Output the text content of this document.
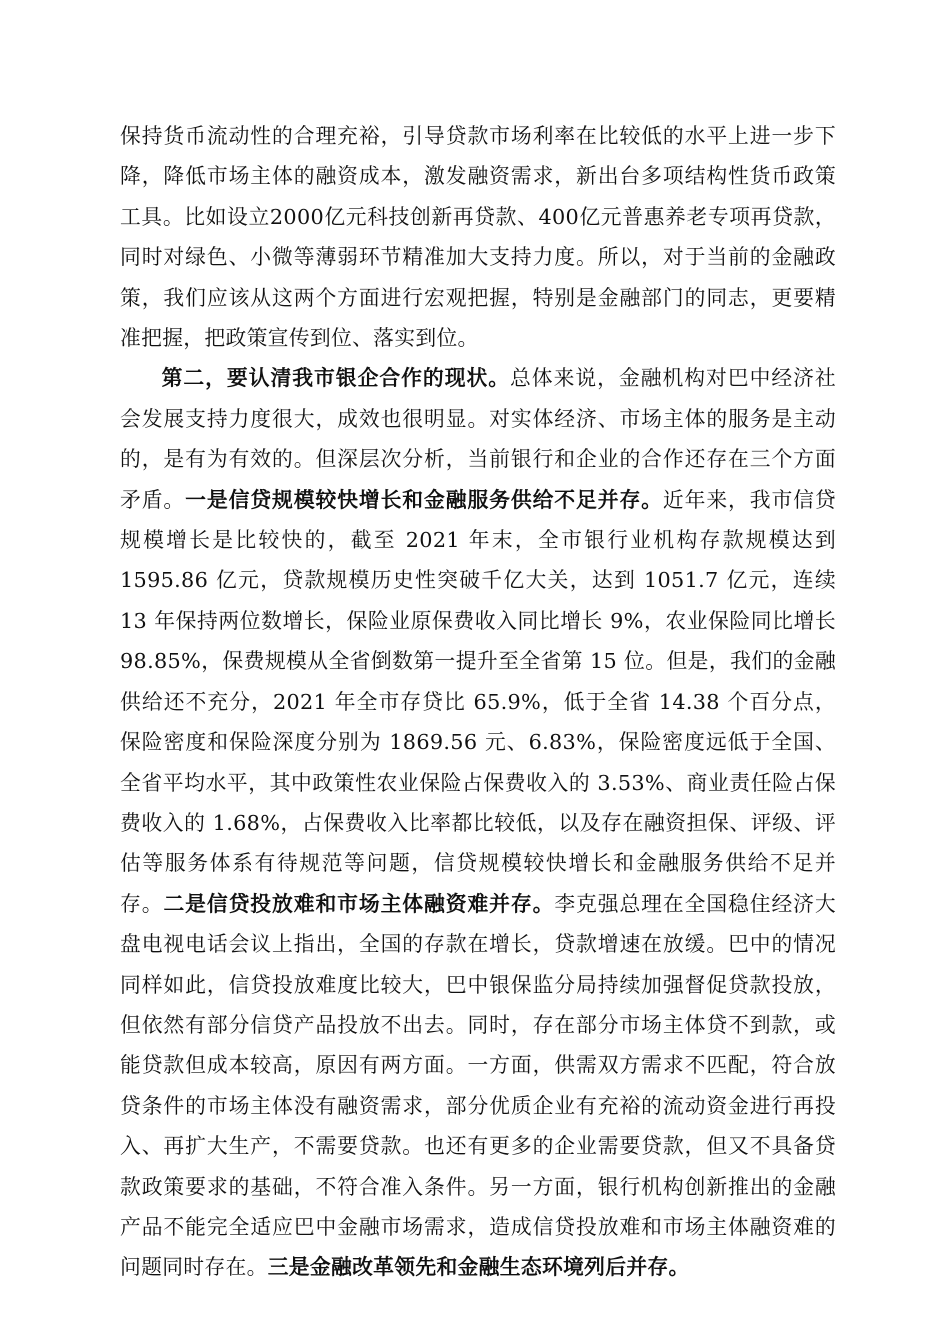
保持货币流动性的合理充裕，引导贷款市场利率在比较低的水平上进一步下降，降低市场主体的融资成本，激发融资需求，新出台多项结构性货币政策工具。比如设立2000亿元科技创新再贷款、400亿元普惠养老专项再贷款，同时对绿色、小微等薄弱环节精准加大支持力度。所以，对于当前的金融政策，我们应该从这两个方面进行宏观把握，特别是金融部门的同志，更要精准把握，把政策宣传到位、落实到位。

第二，要认清我市银企合作的现状。总体来说，金融机构对巴中经济社会发展支持力度很大，成效也很明显。对实体经济、市场主体的服务是主动的，是有为有效的。但深层次分析，当前银行和企业的合作还存在三个方面矛盾。一是信贷规模较快增长和金融服务供给不足并存。近年来，我市信贷规模增长是比较快的，截至 2021 年末，全市银行业机构存款规模达到 1595.86 亿元，贷款规模历史性突破千亿大关，达到 1051.7 亿元，连续 13 年保持两位数增长，保险业原保费收入同比增长 9%，农业保险同比增长 98.85%，保费规模从全省倒数第一提升至全省第 15 位。但是，我们的金融供给还不充分，2021 年全市存贷比 65.9%，低于全省 14.38 个百分点，保险密度和保险深度分别为 1869.56 元、6.83%，保险密度远低于全国、全省平均水平，其中政策性农业保险占保费收入的 3.53%、商业责任险占保费收入的 1.68%，占保费收入比率都比较低，以及存在融资担保、评级、评估等服务体系有待规范等问题，信贷规模较快增长和金融服务供给不足并存。二是信贷投放难和市场主体融资难并存。李克强总理在全国稳住经济大盘电视电话会议上指出，全国的存款在增长，贷款增速在放缓。巴中的情况同样如此，信贷投放难度比较大，巴中银保监分局持续加强督促贷款投放，但依然有部分信贷产品投放不出去。同时，存在部分市场主体贷不到款，或能贷款但成本较高，原因有两方面。一方面，供需双方需求不匹配，符合放贷条件的市场主体没有融资需求，部分优质企业有充裕的流动资金进行再投入、再扩大生产，不需要贷款。也还有更多的企业需要贷款，但又不具备贷款政策要求的基础，不符合准入条件。另一方面，银行机构创新推出的金融产品不能完全适应巴中金融市场需求，造成信贷投放难和市场主体融资难的问题同时存在。三是金融改革领先和金融生态环境列后并存。
